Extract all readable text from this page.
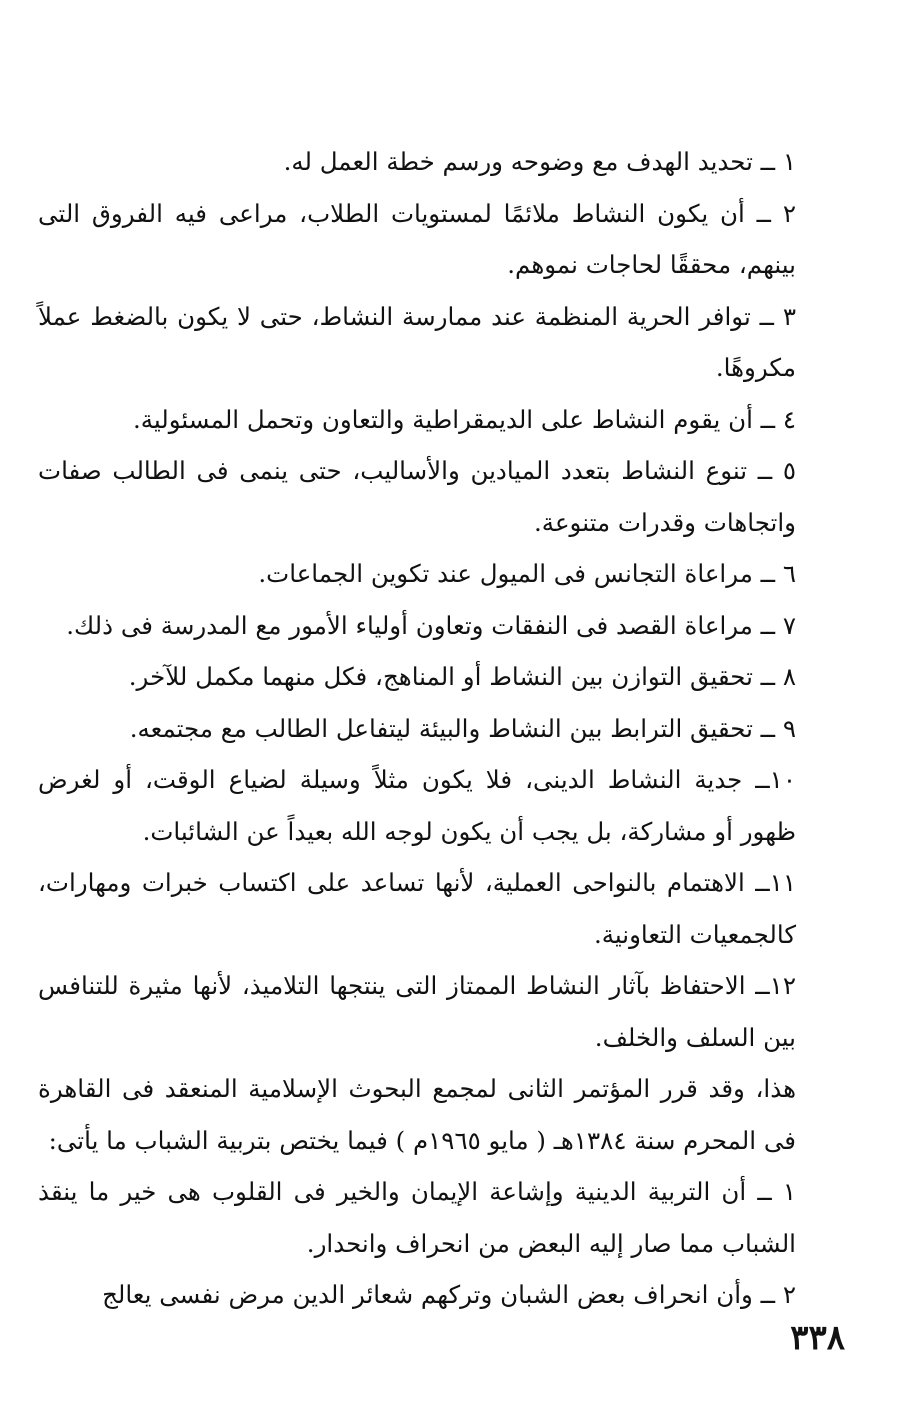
١ ــ تحديد الهدف مع وضوحه ورسم خطة العمل له.

٢ ــ أن يكون النشاط ملائمًا لمستويات الطلاب، مراعى فيه الفروق التى بينهم، محققًا لحاجات نموهم.

٣ ــ توافر الحرية المنظمة عند ممارسة النشاط، حتى لا يكون بالضغط عملاً مكروهًا.

٤ ــ أن يقوم النشاط على الديمقراطية والتعاون وتحمل المسئولية.

٥ ــ تنوع النشاط بتعدد الميادين والأساليب، حتى ينمى فى الطالب صفات واتجاهات وقدرات متنوعة.

٦ ــ مراعاة التجانس فى الميول عند تكوين الجماعات.

٧ ــ مراعاة القصد فى النفقات وتعاون أولياء الأمور مع المدرسة فى ذلك.

٨ ــ تحقيق التوازن بين النشاط أو المناهج، فكل منهما مكمل للآخر.

٩ ــ تحقيق الترابط بين النشاط والبيئة ليتفاعل الطالب مع مجتمعه.

١٠ــ جدية النشاط الدينى، فلا يكون مثلاً وسيلة لضياع الوقت، أو لغرض ظهور أو مشاركة، بل يجب أن يكون لوجه الله بعيداً عن الشائبات.

١١ــ الاهتمام بالنواحى العملية، لأنها تساعد على اكتساب خبرات ومهارات، كالجمعيات التعاونية.

١٢ــ الاحتفاظ بآثار النشاط الممتاز التى ينتجها التلاميذ، لأنها مثيرة للتنافس بين السلف والخلف.

هذا، وقد قرر المؤتمر الثانى لمجمع البحوث الإسلامية المنعقد فى القاهرة فى المحرم سنة ١٣٨٤هـ ( مايو ١٩٦٥م ) فيما يختص بتربية الشباب ما يأتى:

١ ــ أن التربية الدينية وإشاعة الإيمان والخير فى القلوب هى خير ما ينقذ الشباب مما صار إليه البعض من انحراف وانحدار.

٢ ــ وأن انحراف بعض الشبان وتركهم شعائر الدين مرض نفسى يعالج

٣٣٨
